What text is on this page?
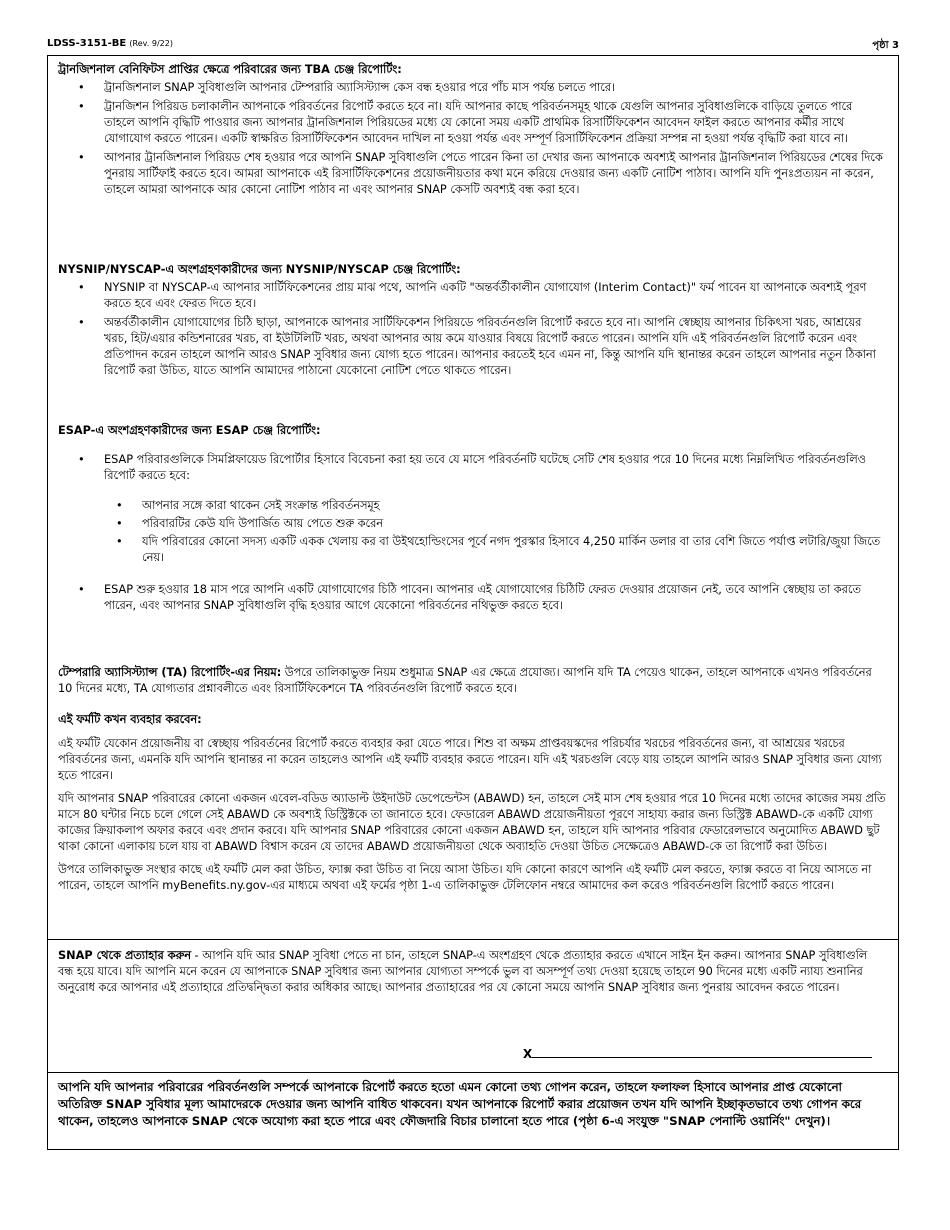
LDSS-3151-BE (Rev. 9/22)	পৃষ্ঠা 3

ট্রানজিশনাল বেনিফিটস প্রাপ্তির ক্ষেত্রে পরিবারের জন্য TBA চেঞ্জ রিপোর্টিং:

• ট্রানজিশনাল SNAP সুবিধাগুলি আপনার টেম্পরারি অ্যাসিস্ট্যান্স কেস বন্ধ হওয়ার পরে পাঁচ মাস পর্যন্ত চলতে পারে।
• ট্রানজিশন পিরিয়ড চলাকালীন আপনাকে পরিবর্তনের রিপোর্ট করতে হবে না। যদি আপনার কাছে পরিবর্তনসমূহ থাকে যেগুলি আপনার সুবিধাগুলিকে বাড়িয়ে তুলতে পারে তাহলে আপনি বৃদ্ধিটি পাওয়ার জন্য আপনার ট্রানজিশনাল পিরিয়ডের মধ্যে যে কোনো সময় একটি প্রাথমিক রিসার্টিফিকেশন আবেদন ফাইল করতে আপনার কর্মীর সাথে যোগাযোগ করতে পারেন। একটি স্বাক্ষরিত রিসার্টিফিকেশন আবেদন দাখিল না হওয়া পর্যন্ত এবং সম্পূর্ণ রিসার্টিফিকেশন প্রক্রিয়া সম্পন্ন না হওয়া পর্যন্ত বৃদ্ধিটি করা যাবে না।
• আপনার ট্রানজিশনাল পিরিয়ড শেষ হওয়ার পরে আপনি SNAP সুবিধাগুলি পেতে পারেন কিনা তা দেখার জন্য আপনাকে অবশ্যই আপনার ট্রানজিশনাল পিরিয়ডের শেষের দিকে পুনরায় সার্টিফাই করতে হবে। আমরা আপনাকে এই রিসার্টিফিকেশনের প্রয়োজনীয়তার কথা মনে করিয়ে দেওয়ার জন্য একটি নোটিশ পাঠাব। আপনি যদি পুনঃপ্রত্যয়ন না করেন, তাহলে আমরা আপনাকে আর কোনো নোটিশ পাঠাব না এবং আপনার SNAP কেসটি অবশ্যই বন্ধ করা হবে।

NYSNIP/NYSCAP-এ অংশগ্রহণকারীদের জন্য NYSNIP/NYSCAP চেঞ্জ রিপোর্টিং:

• NYSNIP বা NYSCAP-এ আপনার সার্টিফিকেশনের প্রায় মাঝ পথে, আপনি একটি "অন্তর্বর্তীকালীন যোগাযোগ (Interim Contact)" ফর্ম পাবেন যা আপনাকে অবশ্যই পূরণ করতে হবে এবং ফেরত দিতে হবে।
• অন্তর্বর্তীকালীন যোগাযোগের চিঠি ছাড়া, আপনাকে আপনার সার্টিফিকেশন পিরিয়ডে পরিবর্তনগুলি রিপোর্ট করতে হবে না। আপনি স্বেচ্ছায় আপনার চিকিৎসা খরচ, আশ্রয়ের খরচ, হিট/এয়ার কন্ডিশনারের খরচ, বা ইউটিলিটি খরচ, অথবা আপনার আয় কমে যাওয়ার বিষয়ে রিপোর্ট করতে পারেন। আপনি যদি এই পরিবর্তনগুলি রিপোর্ট করেন এবং প্রতিপাদন করেন তাহলে আপনি আরও SNAP সুবিধার জন্য যোগ্য হতে পারেন। আপনার করতেই হবে এমন না, কিন্তু আপনি যদি স্থানান্তর করেন তাহলে আপনার নতুন ঠিকানা রিপোর্ট করা উচিত, যাতে আপনি আমাদের পাঠানো যেকোনো নোটিশ পেতে থাকতে পারেন।

ESAP-এ অংশগ্রহণকারীদের জন্য ESAP চেঞ্জ রিপোর্টিং:

• ESAP পরিবারগুলিকে সিমপ্লিফায়েড রিপোর্টার হিসাবে বিবেচনা করা হয় তবে যে মাসে পরিবর্তনটি ঘটেছে সেটি শেষ হওয়ার পরে 10 দিনের মধ্যে নিম্নলিখিত পরিবর্তনগুলিও রিপোর্ট করতে হবে:
• আপনার সঙ্গে কারা থাকেন সেই সংক্রান্ত পরিবর্তনসমূহ
• পরিবারটির কেউ যদি উপার্জিত আয় পেতে শুরু করেন
• যদি পরিবারের কোনো সদস্য একটি একক খেলায় কর বা উইথহোল্ডিংসের পূর্বে নগদ পুরস্কার হিসাবে 4,250 মার্কিন ডলার বা তার বেশি জিতে পর্যাপ্ত লটারি/জুয়া জিতে নেয়।
• ESAP শুরু হওয়ার 18 মাস পরে আপনি একটি যোগাযোগের চিঠি পাবেন। আপনার এই যোগাযোগের চিঠিটি ফেরত দেওয়ার প্রয়োজন নেই, তবে আপনি স্বেচ্ছায় তা করতে পারেন, এবং আপনার SNAP সুবিধাগুলি বৃদ্ধি হওয়ার আগে যেকোনো পরিবর্তনের নথিভুক্ত করতে হবে।

টেম্পরারি অ্যাসিস্ট্যান্স (TA) রিপোর্টিং-এর নিয়ম: উপরে তালিকাভুক্ত নিয়ম শুধুমাত্র SNAP এর ক্ষেত্রে প্রযোজ্য। আপনি যদি TA পেয়েও থাকেন, তাহলে আপনাকে এখনও পরিবর্তনের 10 দিনের মধ্যে, TA যোগ্যতার প্রশ্নাবলীতে এবং রিসার্টিফিকেশনে TA পরিবর্তনগুলি রিপোর্ট করতে হবে।

এই ফর্মটি কখন ব্যবহার করবেন:

এই ফর্মটি যেকোন প্রয়োজনীয় বা স্বেচ্ছায় পরিবর্তনের রিপোর্ট করতে ব্যবহার করা যেতে পারে। শিশু বা অক্ষম প্রাপ্তবয়স্কদের পরিচর্যার খরচের পরিবর্তনের জন্য, বা আশ্রয়ের খরচের পরিবর্তনের জন্য, এমনকি যদি আপনি স্থানান্তর না করেন তাহলেও আপনি এই ফর্মটি ব্যবহার করতে পারেন। যদি এই খরচগুলি বেড়ে যায় তাহলে আপনি আরও SNAP সুবিধার জন্য যোগ্য হতে পারেন।

যদি আপনার SNAP পরিবারের কোনো একজন এবেল-বডিড অ্যাডাল্ট উইদাউট ডেপেন্ডেন্টস (ABAWD) হন, তাহলে সেই মাস শেষ হওয়ার পরে 10 দিনের মধ্যে তাদের কাজের সময় প্রতি মাসে 80 ঘন্টার নিচে চলে গেলে সেই ABAWD কে অবশ্যই ডিস্ট্রিক্টকে তা জানাতে হবে। ফেডারেল ABAWD প্রয়োজনীয়তা পূরণে সাহায্য করার জন্য ডিস্ট্রিক্ট ABAWD-কে একটি যোগ্য কাজের ক্রিয়াকলাপ অফার করবে এবং প্রদান করবে। যদি আপনার SNAP পরিবারের কোনো একজন ABAWD হন, তাহলে যদি আপনার পরিবার ফেডারেলভাবে অনুমোদিত ABAWD ছুট থাকা কোনো এলাকায় চলে যায় বা ABAWD বিশ্বাস করেন যে তাদের ABAWD প্রয়োজনীয়তা থেকে অব্যাহতি দেওয়া উচিত সেক্ষেত্রেও ABAWD-কে তা রিপোর্ট করা উচিত।

উপরে তালিকাভুক্ত সংস্থার কাছে এই ফর্মটি মেল করা উচিত, ফ্যাক্স করা উচিত বা নিয়ে আসা উচিত। যদি কোনো কারণে আপনি এই ফর্মটি মেল করতে, ফ্যাক্স করতে বা নিয়ে আসতে না পারেন, তাহলে আপনি myBenefits.ny.gov-এর মাধ্যমে অথবা এই ফর্মের পৃষ্ঠা 1-এ তালিকাভুক্ত টেলিফোন নম্বরে আমাদের কল করেও পরিবর্তনগুলি রিপোর্ট করতে পারেন।

SNAP থেকে প্রত্যাহার করুন - আপনি যদি আর SNAP সুবিধা পেতে না চান, তাহলে SNAP-এ অংশগ্রহণ থেকে প্রত্যাহার করতে এখানে সাইন ইন করুন। আপনার SNAP সুবিধাগুলি বন্ধ হয়ে যাবে। যদি আপনি মনে করেন যে আপনাকে SNAP সুবিধার জন্য আপনার যোগ্যতা সম্পর্কে ভুল বা অসম্পূর্ণ তথ্য দেওয়া হয়েছে তাহলে 90 দিনের মধ্যে একটি ন্যায্য শুনানির অনুরোধ করে আপনার এই প্রত্যাহারে প্রতিদ্বন্দ্বিতা করার অধিকার আছে। আপনার প্রত্যাহারের পর যে কোনো সময়ে আপনি SNAP সুবিধার জন্য পুনরায় আবেদন করতে পারেন।

X

আপনি যদি আপনার পরিবারের পরিবর্তনগুলি সম্পর্কে আপনাকে রিপোর্ট করতে হতো এমন কোনো তথ্য গোপন করেন, তাহলে ফলাফল হিসাবে আপনার প্রাপ্ত যেকোনো অতিরিক্ত SNAP সুবিধার মূল্য আমাদেরকে দেওয়ার জন্য আপনি বাধিত থাকবেন। যখন আপনাকে রিপোর্ট করার প্রয়োজন তখন যদি আপনি ইচ্ছাকৃতভাবে তথ্য গোপন করে থাকেন, তাহলেও আপনাকে SNAP থেকে অযোগ্য করা হতে পারে এবং ফৌজদারি বিচার চালানো হতে পারে (পৃষ্ঠা 6-এ সংযুক্ত "SNAP পেনাল্টি ওয়ার্নিং" দেখুন)।
